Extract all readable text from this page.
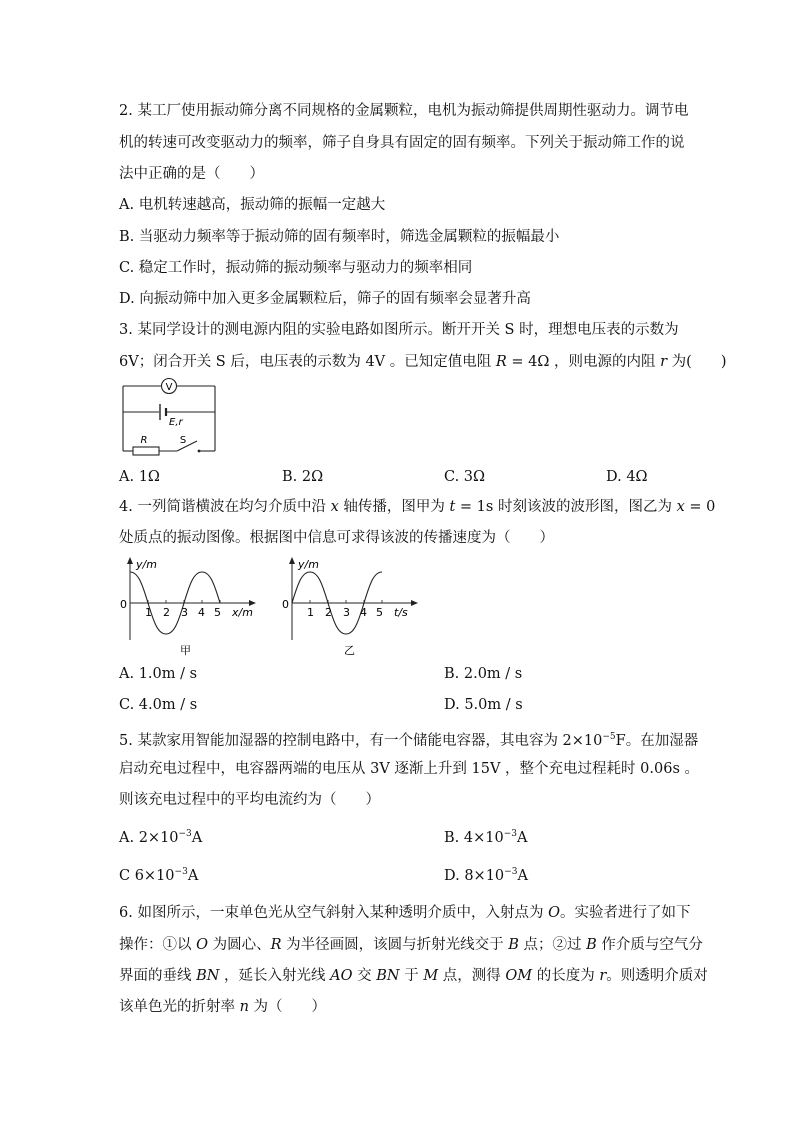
2. 某工厂使用振动筛分离不同规格的金属颗粒，电机为振动筛提供周期性驱动力。调节电
机的转速可改变驱动力的频率，筛子自身具有固定的固有频率。下列关于振动筛工作的说
法中正确的是（　　）
A. 电机转速越高，振动筛的振幅一定越大
B. 当驱动力频率等于振动筛的固有频率时，筛选金属颗粒的振幅最小
C. 稳定工作时，振动筛的振动频率与驱动力的频率相同
D. 向振动筛中加入更多金属颗粒后，筛子的固有频率会显著升高
3. 某同学设计的测电源内阻的实验电路如图所示。断开开关 S 时，理想电压表的示数为
6V；闭合开关 S 后，电压表的示数为 4V 。已知定值电阻 R = 4Ω ，则电源的内阻 r 为(　　)
V
E,r
R	S
A. 1Ω	B. 2Ω	C. 3Ω	D. 4Ω
4. 一列简谐横波在均匀介质中沿 x 轴传播，图甲为 t = 1s 时刻该波的波形图，图乙为 x = 0
处质点的振动图像。根据图中信息可求得该波的传播速度为（　　）
y/m
0
1 2 3 4 5 x/m
甲
y/m
0
1 2 3 4 5 t/s
乙
A. 1.0m / s	B. 2.0m / s
C. 4.0m / s	D. 5.0m / s
5. 某款家用智能加湿器的控制电路中，有一个储能电容器，其电容为 $2\times 10^{-5}F$。在加湿器
启动充电过程中，电容器两端的电压从 3V 逐渐上升到 15V ，整个充电过程耗时 0.06s 。
则该充电过程中的平均电流约为（　　）
A. $2\times 10^{-3}A$	B. $4\times 10^{-3}A$
C $6\times 10^{-3}A$	D. $8\times 10^{-3}A$
6. 如图所示，一束单色光从空气斜射入某种透明介质中，入射点为 O。实验者进行了如下
操作：①以 O 为圆心、R 为半径画圆，该圆与折射光线交于 B 点；②过 B 作介质与空气分
界面的垂线 BN ，延长入射光线 AO 交 BN 于 M 点，测得 OM 的长度为 r。则透明介质对
该单色光的折射率 n 为（　　）
